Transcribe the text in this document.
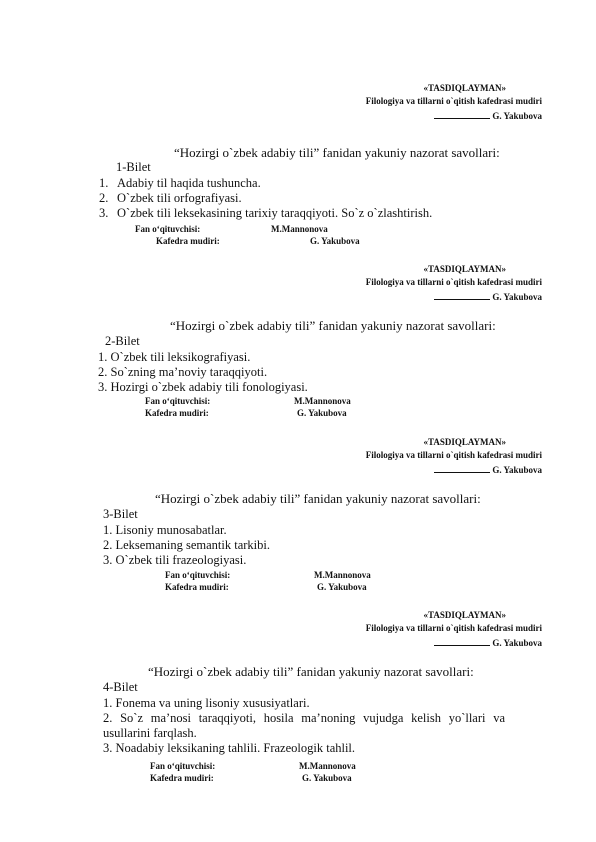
«TASDIQLAYMAN»
Filologiya va tillarni o`qitish kafedrasi mudiri
G. Yakubova
“Hozirgi o`zbek adabiy tili” fanidan yakuniy nazorat savollari:
1-Bilet
1. Adabiy til haqida tushuncha.
2. O`zbek tili orfografiyasi.
3. O`zbek tili leksekasining tarixiy taraqqiyoti. So`z o`zlashtirish.
Fan o‘qituvchisi:	M.Mannonova
Kafedra mudiri:	G. Yakubova
«TASDIQLAYMAN»
Filologiya va tillarni o`qitish kafedrasi mudiri
G. Yakubova
“Hozirgi o`zbek adabiy tili” fanidan yakuniy nazorat savollari:
2-Bilet
1. O`zbek tili leksikografiyasi.
2. So`zning ma’noviy taraqqiyoti.
3. Hozirgi o`zbek adabiy tili fonologiyasi.
Fan o‘qituvchisi:	M.Mannonova
Kafedra mudiri:	G. Yakubova
«TASDIQLAYMAN»
Filologiya va tillarni o`qitish kafedrasi mudiri
G. Yakubova
“Hozirgi o`zbek adabiy tili” fanidan yakuniy nazorat savollari:
3-Bilet
1. Lisoniy munosabatlar.
2. Leksemaning semantik tarkibi.
3. O`zbek tili frazeologiyasi.
Fan o‘qituvchisi:	M.Mannonova
Kafedra mudiri:	G. Yakubova
«TASDIQLAYMAN»
Filologiya va tillarni o`qitish kafedrasi mudiri
G. Yakubova
“Hozirgi o`zbek adabiy tili” fanidan yakuniy nazorat savollari:
4-Bilet
1. Fonema va uning lisoniy xususiyatlari.
2. So`z ma’nosi taraqqiyoti, hosila ma’noning vujudga kelish yo`llari va usullarini farqlash.
3. Noadabiy leksikaning tahlili. Frazeologik tahlil.
Fan o‘qituvchisi:	M.Mannonova
Kafedra mudiri:	G. Yakubova
